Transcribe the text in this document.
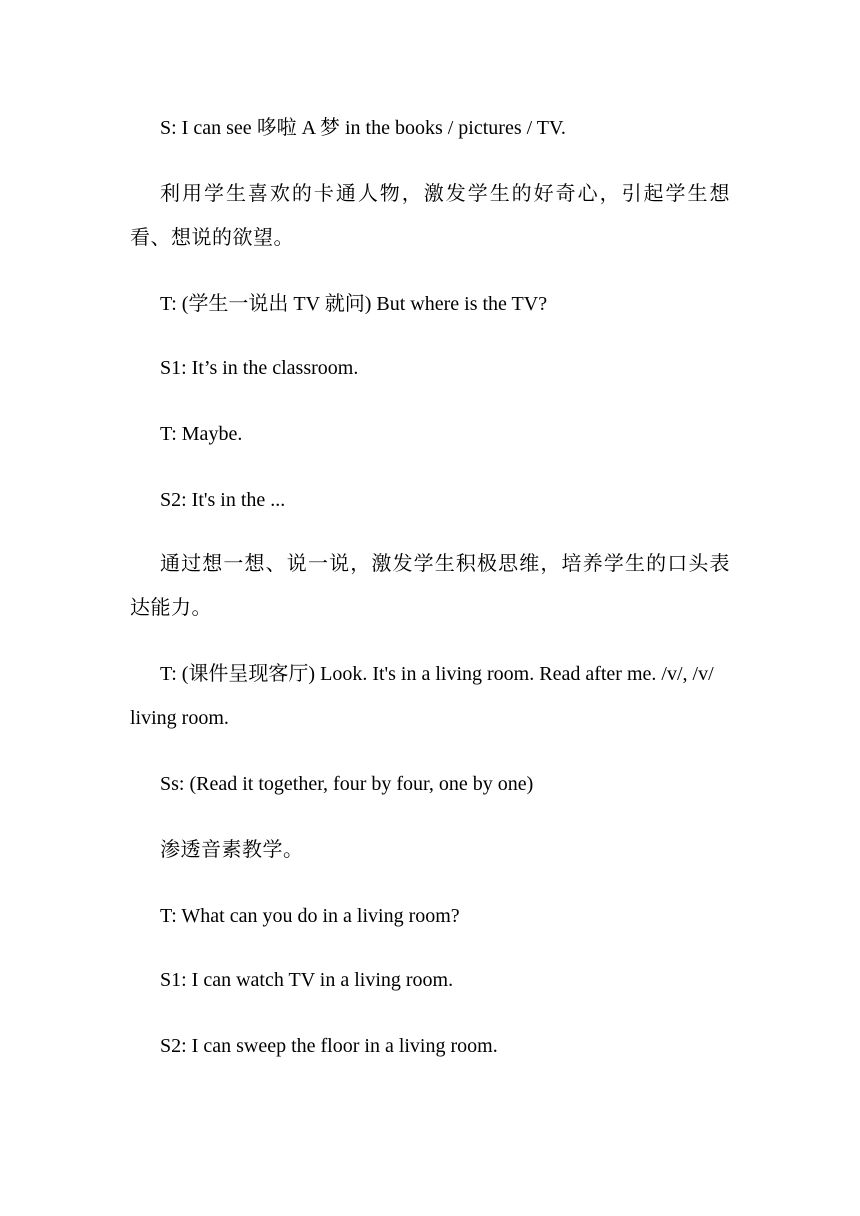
S: I can see 哆啦 A 梦 in the books / pictures / TV.

利用学生喜欢的卡通人物，激发学生的好奇心，引起学生想看、想说的欲望。

T: (学生一说出 TV 就问) But where is the TV?

S1: It’s in the classroom.

T: Maybe.

S2: It's in the ...

通过想一想、说一说，激发学生积极思维，培养学生的口头表达能力。

T: (课件呈现客厅) Look. It's in a living room. Read after me. /v/, /v/ living room.

Ss: (Read it together, four by four, one by one)

渗透音素教学。

T: What can you do in a living room?

S1: I can watch TV in a living room.

S2: I can sweep the floor in a living room.
